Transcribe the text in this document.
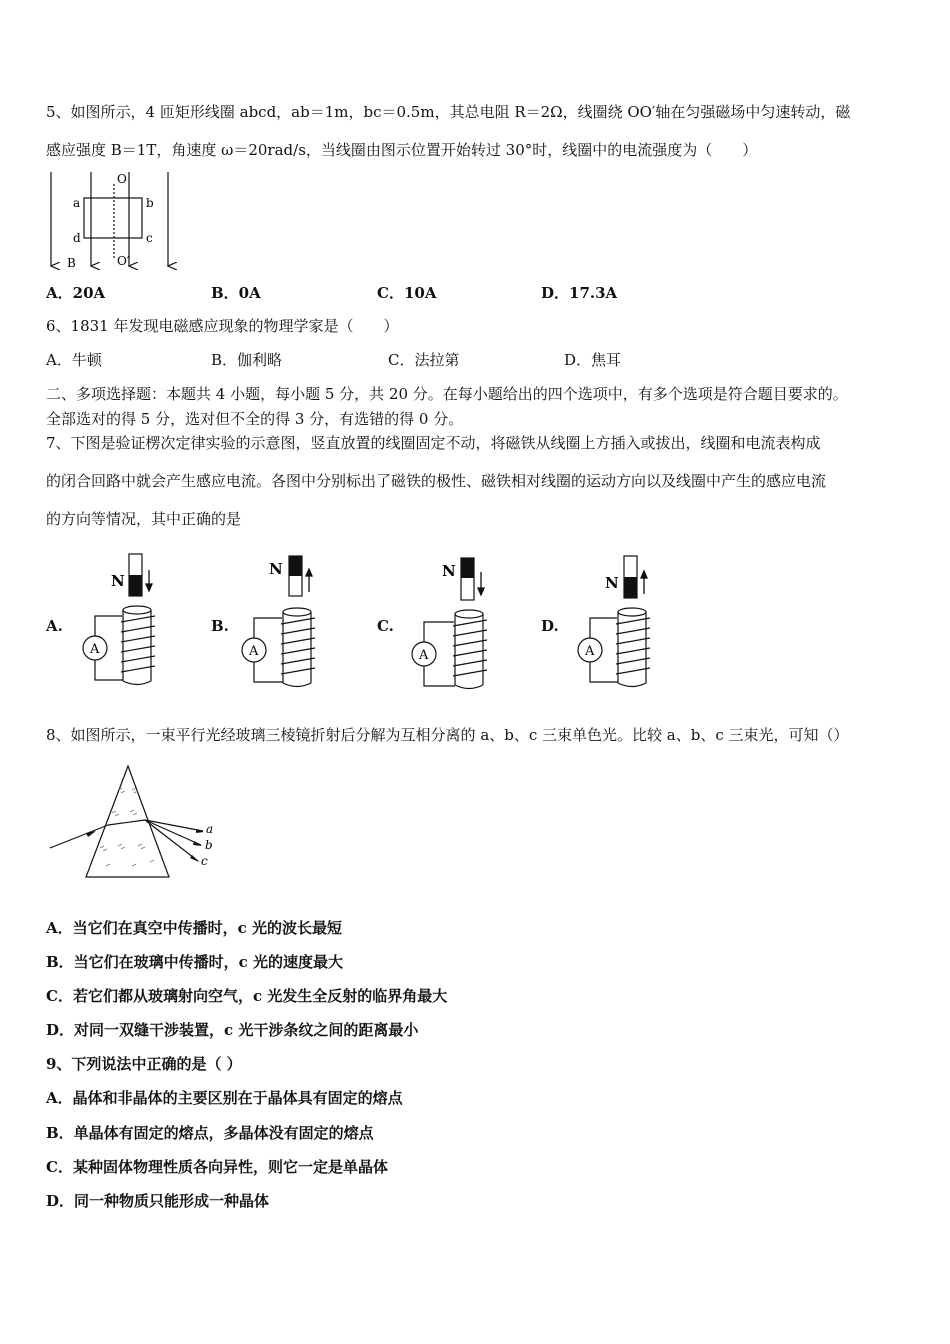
5、如图所示，4 匝矩形线圈 abcd，ab＝1m，bc＝0.5m，其总电阻 R＝2Ω，线圈绕 OO′轴在匀强磁场中匀速转动，磁
感应强度 B＝1T，角速度 ω＝20rad/s，当线圈由图示位置开始转过 30°时，线圈中的电流强度为（　　）
O
a	b
d	c
B	O′
A．20A	B．0A	C．10A	D．17.3A
6、1831 年发现电磁感应现象的物理学家是（　　）
A．牛顿	B．伽利略	C．法拉第	D．焦耳
二、多项选择题：本题共 4 小题，每小题 5 分，共 20 分。在每小题给出的四个选项中，有多个选项是符合题目要求的。
全部选对的得 5 分，选对但不全的得 3 分，有选错的得 0 分。
7、下图是验证楞次定律实验的示意图，竖直放置的线圈固定不动，将磁铁从线圈上方插入或拔出，线圈和电流表构成
的闭合回路中就会产生感应电流。各图中分别标出了磁铁的极性、磁铁相对线圈的运动方向以及线圈中产生的感应电流
的方向等情况，其中正确的是
A.
N
A
B.
N
A
C.
N
A
D.
N
A
8、如图所示，一束平行光经玻璃三棱镜折射后分解为互相分离的 a、b、c 三束单色光。比较 a、b、c 三束光，可知（）
a
b
c
A．当它们在真空中传播时，c 光的波长最短
B．当它们在玻璃中传播时，c 光的速度最大
C．若它们都从玻璃射向空气，c 光发生全反射的临界角最大
D．对同一双缝干涉装置，c 光干涉条纹之间的距离最小
9、下列说法中正确的是（ ）
A．晶体和非晶体的主要区别在于晶体具有固定的熔点
B．单晶体有固定的熔点，多晶体没有固定的熔点
C．某种固体物理性质各向异性，则它一定是单晶体
D．同一种物质只能形成一种晶体
